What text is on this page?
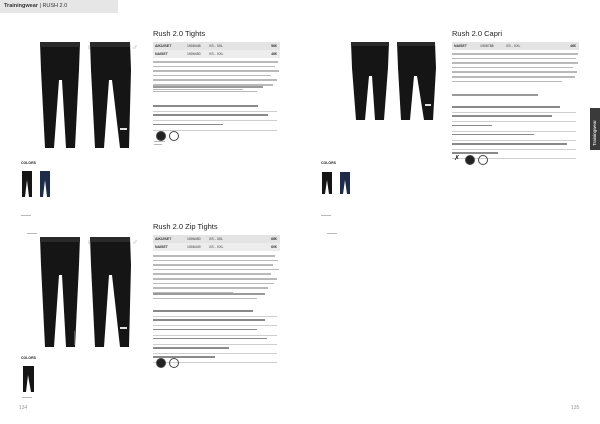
Trainingwear | RUSH 2.0
Trainingwear
♀	♂
Rush 2.0 Tights
AIKUISET	1906448 XS - 3XL	56€
NAISET	1906450 XS - XXL	46€
COLORS

Rush 2.0 Capri
NAISET	1906788	XS - XXL	46€
✗
COLORS

♀	♂
Rush 2.0 Zip Tights
AIKUISET	1906450 XS - 3XL	68€
NAISET	1906449 XS - XXL	60€
COLORS
134	135
